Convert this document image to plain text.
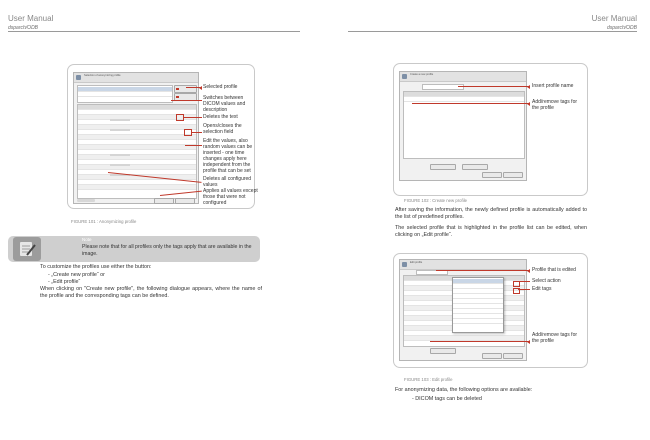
User Manual
dsparch/ODB
User Manual
dsparch/ODB
Selection of anonymizing profile
Selected profile
Switches between DICOM values and description
Deletes the text
Opens/closes the selection field
Edit the values, also random values can be inserted - one time changes apply here independent from the profile that can be set
Deletes all configured values
Applies all values except those that were not configured
FIGURE 101 : Anonymizing profile
Note
Please note that for all profiles only the tags apply that are available in the image.
To customize the profiles use either the button:
- „Create new profile“ or
- „Edit profile“
When clicking on "Create new profile", the following dialogue appears, where the name of the profile and the corresponding tags can be defined.
Create a new profile
Insert profile name
Add/remove tags for the profile
FIGURE 102 : Create new profile
After saving the information, the newly defined profile is automatically added to the list of predefined profiles.
The selected profile that is highlighted in the profile list can be edited, when clicking on „Edit profile“.
Edit profile
Profile that is edited
Select action
Edit tags
Add/remove tags for the profile
FIGURE 103 : Edit profile
For anonymizing data, the following options are available:
- DICOM tags can be deleted
